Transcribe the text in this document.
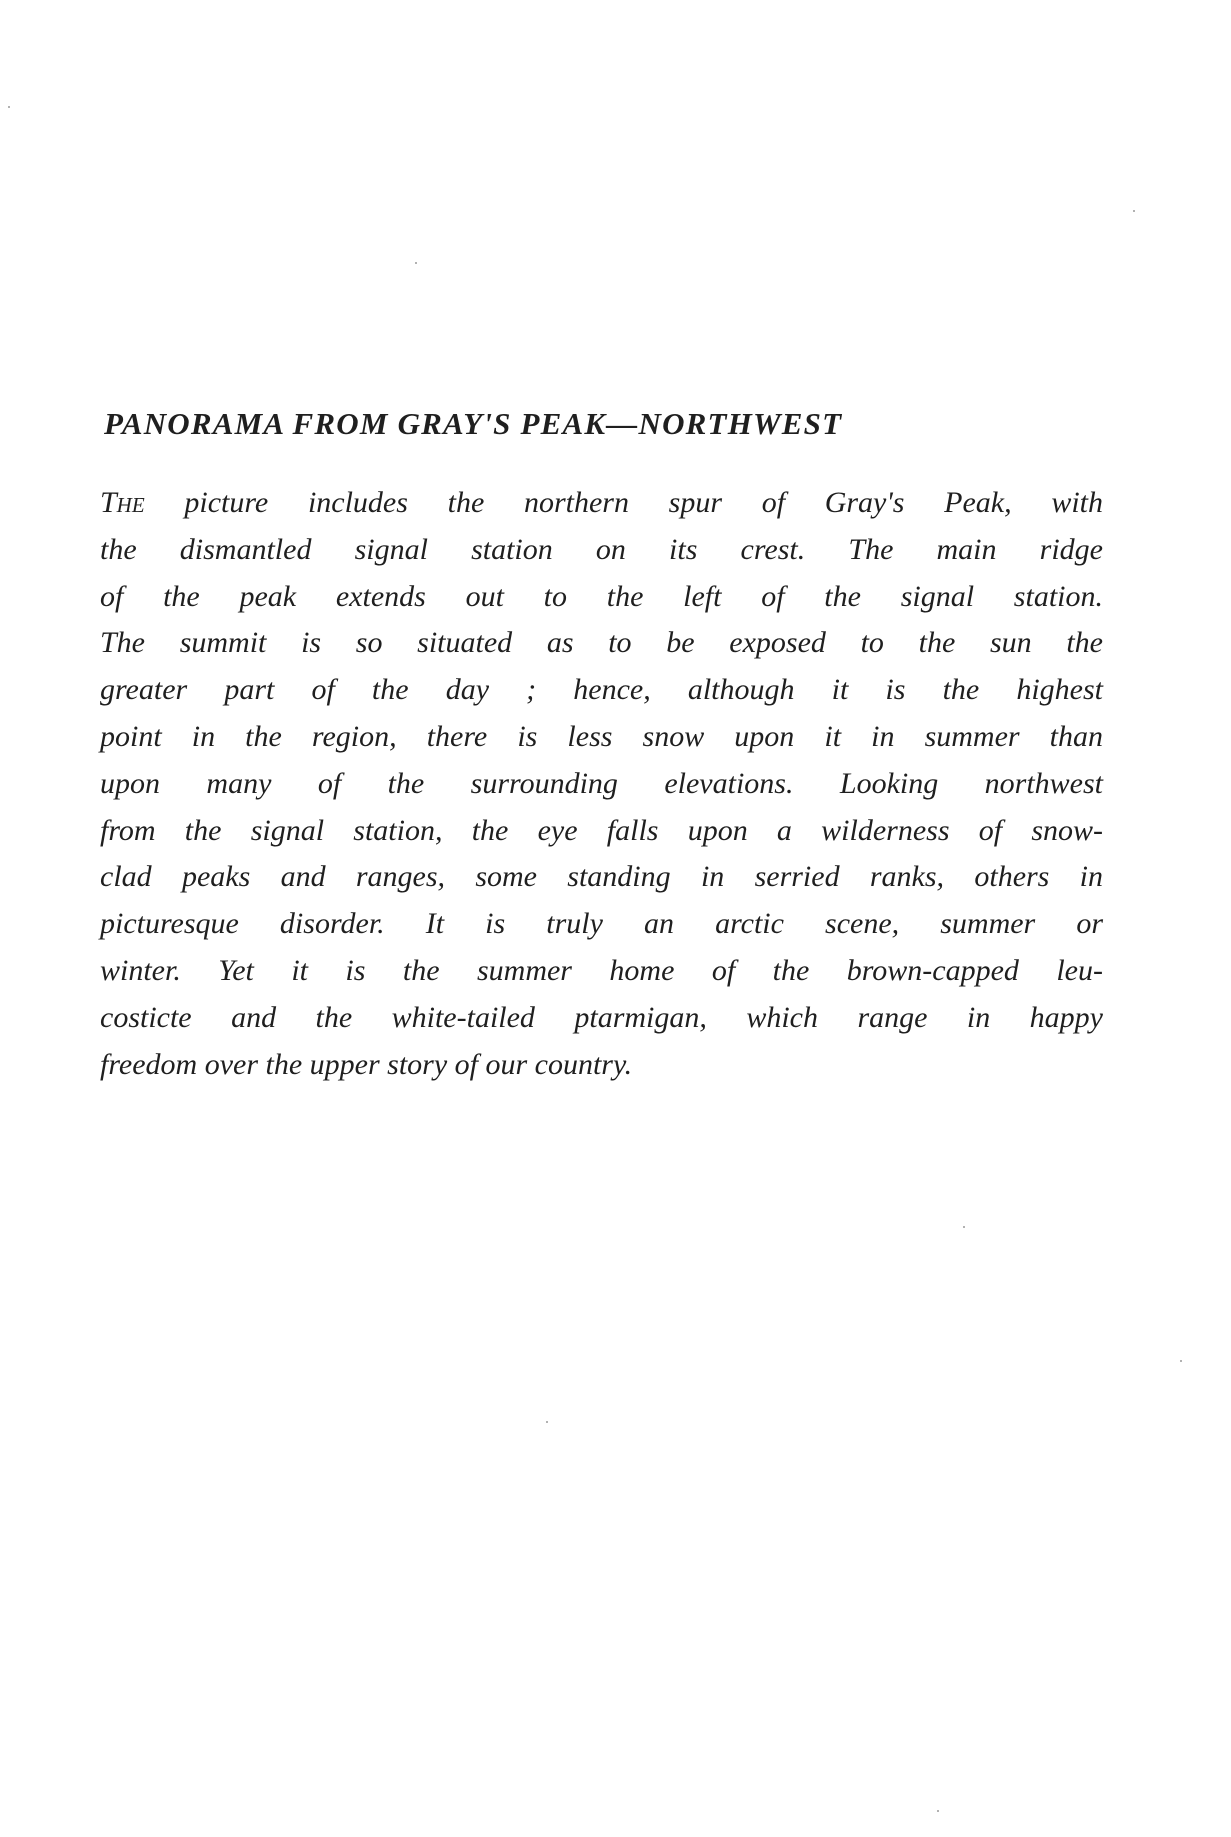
PANORAMA FROM GRAY'S PEAK—NORTHWEST
The picture includes the northern spur of Gray's Peak, with
the dismantled signal station on its crest. The main ridge
of the peak extends out to the left of the signal station.
The summit is so situated as to be exposed to the sun the
greater part of the day ; hence, although it is the highest
point in the region, there is less snow upon it in summer than
upon many of the surrounding elevations. Looking northwest
from the signal station, the eye falls upon a wilderness of snow-
clad peaks and ranges, some standing in serried ranks, others in
picturesque disorder. It is truly an arctic scene, summer or
winter. Yet it is the summer home of the brown-capped leu-
costicte and the white-tailed ptarmigan, which range in happy
freedom over the upper story of our country.
